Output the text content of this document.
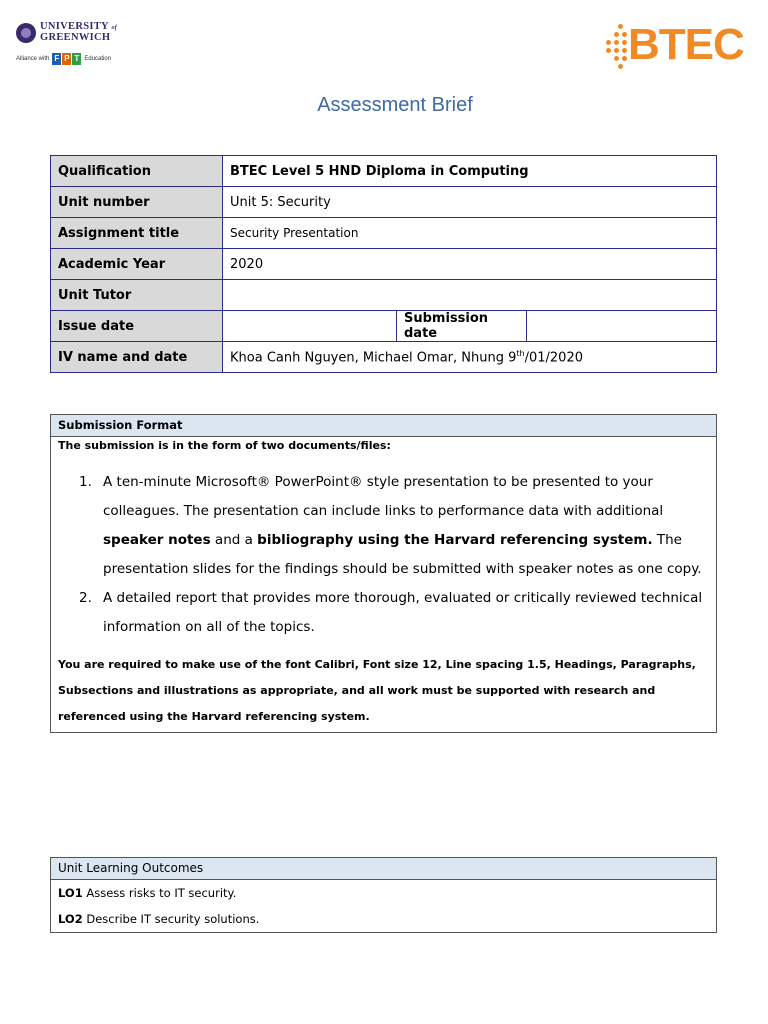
UNIVERSITY of
GREENWICH
Alliance with F P T Education	BTEC
Assessment Brief
Qualification	BTEC Level 5 HND Diploma in Computing		
Unit number	Unit 5: Security		
Assignment title	Security Presentation		
Academic Year	2020		
Unit Tutor			
Issue date		Submission date	
IV name and date	Khoa Canh Nguyen, Michael Omar, Nhung 9th/01/2020		
Submission Format
The submission is in the form of two documents/files:
1. A ten-minute Microsoft® PowerPoint® style presentation to be presented to your colleagues. The presentation can include links to performance data with additional speaker notes and a bibliography using the Harvard referencing system. The presentation slides for the findings should be submitted with speaker notes as one copy.
2. A detailed report that provides more thorough, evaluated or critically reviewed technical information on all of the topics.
You are required to make use of the font Calibri, Font size 12, Line spacing 1.5, Headings, Paragraphs, Subsections and illustrations as appropriate, and all work must be supported with research and referenced using the Harvard referencing system.
Unit Learning Outcomes
LO1 Assess risks to IT security.
LO2 Describe IT security solutions.
